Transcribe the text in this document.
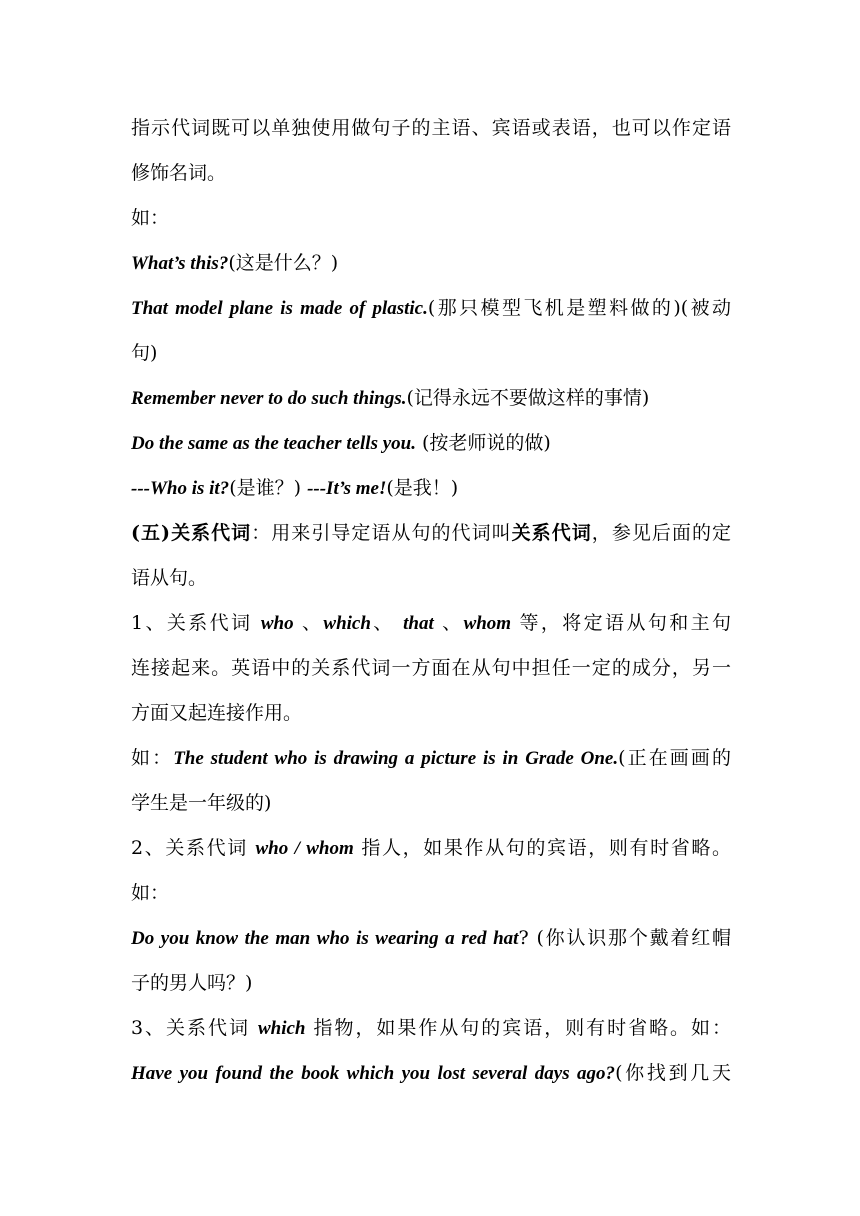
指示代词既可以单独使用做句子的主语、宾语或表语，也可以作定语
修饰名词。
如：
What’s this?(这是什么？)
That model plane is made of plastic.(那只模型飞机是塑料做的)(被动
句)
Remember never to do such things.(记得永远不要做这样的事情)
Do the same as the teacher tells you. (按老师说的做)
---Who is it?(是谁？) ---It’s me!(是我！)
(五)关系代词：用来引导定语从句的代词叫关系代词，参见后面的定
语从句。
1、关系代词 who 、which、 that 、whom 等，将定语从句和主句
连接起来。英语中的关系代词一方面在从句中担任一定的成分，另一
方面又起连接作用。
如：The student who is drawing a picture is in Grade One.(正在画画的
学生是一年级的)
2、关系代词 who / whom 指人，如果作从句的宾语，则有时省略。
如：
Do you know the man who is wearing a red hat? (你认识那个戴着红帽
子的男人吗？)
3、关系代词 which 指物，如果作从句的宾语，则有时省略。如：
Have you found the book which you lost several days ago?(你找到几天
